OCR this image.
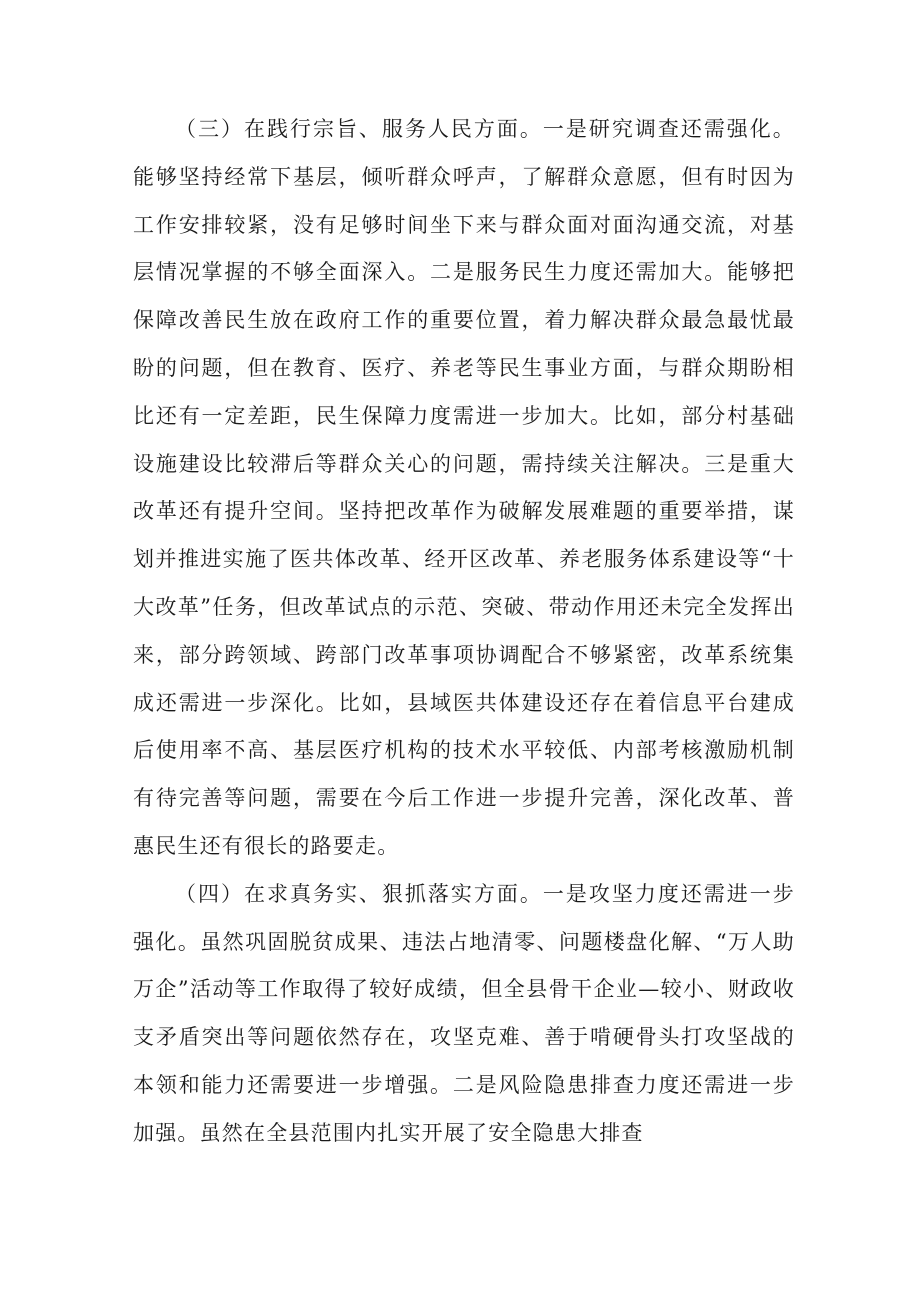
（三）在践行宗旨、服务人民方面。一是研究调查还需强化。能够坚持经常下基层，倾听群众呼声，了解群众意愿，但有时因为工作安排较紧，没有足够时间坐下来与群众面对面沟通交流，对基层情况掌握的不够全面深入。二是服务民生力度还需加大。能够把保障改善民生放在政府工作的重要位置，着力解决群众最急最忧最盼的问题，但在教育、医疗、养老等民生事业方面，与群众期盼相比还有一定差距，民生保障力度需进一步加大。比如，部分村基础设施建设比较滞后等群众关心的问题，需持续关注解决。三是重大改革还有提升空间。坚持把改革作为破解发展难题的重要举措，谋划并推进实施了医共体改革、经开区改革、养老服务体系建设等“十大改革”任务，但改革试点的示范、突破、带动作用还未完全发挥出来，部分跨领域、跨部门改革事项协调配合不够紧密，改革系统集成还需进一步深化。比如，县域医共体建设还存在着信息平台建成后使用率不高、基层医疗机构的技术水平较低、内部考核激励机制有待完善等问题，需要在今后工作进一步提升完善，深化改革、普惠民生还有很长的路要走。

（四）在求真务实、狠抓落实方面。一是攻坚力度还需进一步强化。虽然巩固脱贫成果、违法占地清零、问题楼盘化解、“万人助万企”活动等工作取得了较好成绩，但全县骨干企业—较小、财政收支矛盾突出等问题依然存在，攻坚克难、善于啃硬骨头打攻坚战的本领和能力还需要进一步增强。二是风险隐患排查力度还需进一步加强。虽然在全县范围内扎实开展了安全隐患大排查
